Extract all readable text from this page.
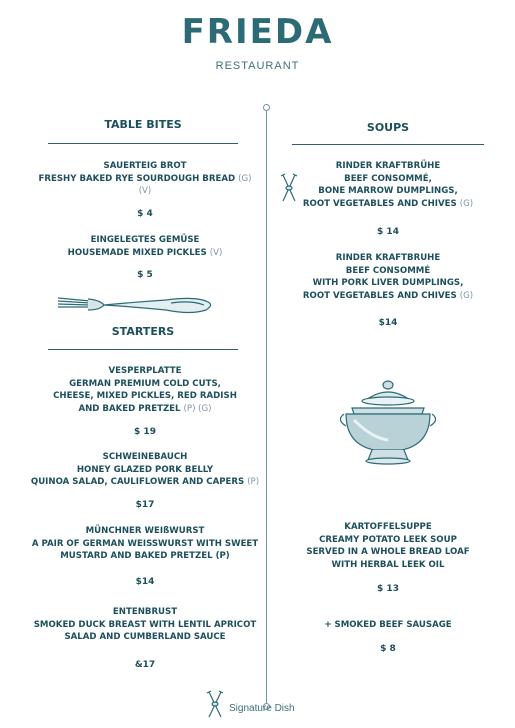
FRIEDA
RESTAURANT
TABLE BITES
SAUERTEIG BROT
FRESHY BAKED RYE SOURDOUGH BREAD (G)
(V)
$ 4
EINGELEGTES GEMÜSE
HOUSEMADE MIXED PICKLES (V)
$ 5
STARTERS
VESPERPLATTE
GERMAN PREMIUM COLD CUTS,
CHEESE, MIXED PICKLES, RED RADISH
AND BAKED PRETZEL (P) (G)
$ 19
SCHWEINEBAUCH
HONEY GLAZED PORK BELLY
QUINOA SALAD, CAULIFLOWER AND CAPERS (P)
$17
MÜNCHNER WEIßWURST
A PAIR OF GERMAN WEISSWURST WITH SWEET
MUSTARD AND BAKED PRETZEL (P)
$14
ENTENBRUST
SMOKED DUCK BREAST WITH LENTIL APRICOT
SALAD AND CUMBERLAND SAUCE
&17
SOUPS
RINDER KRAFTBRÜHE
BEEF CONSOMMÉ,
BONE MARROW DUMPLINGS,
ROOT VEGETABLES AND CHIVES (G)
$ 14
RINDER KRAFTBRUHE
BEEF CONSOMMÉ
WITH PORK LIVER DUMPLINGS,
ROOT VEGETABLES AND CHIVES (G)
$14
KARTOFFELSUPPE
CREAMY POTATO LEEK SOUP
SERVED IN A WHOLE BREAD LOAF
WITH HERBAL LEEK OIL
$ 13
+ SMOKED BEEF SAUSAGE
$ 8
Signature Dish
